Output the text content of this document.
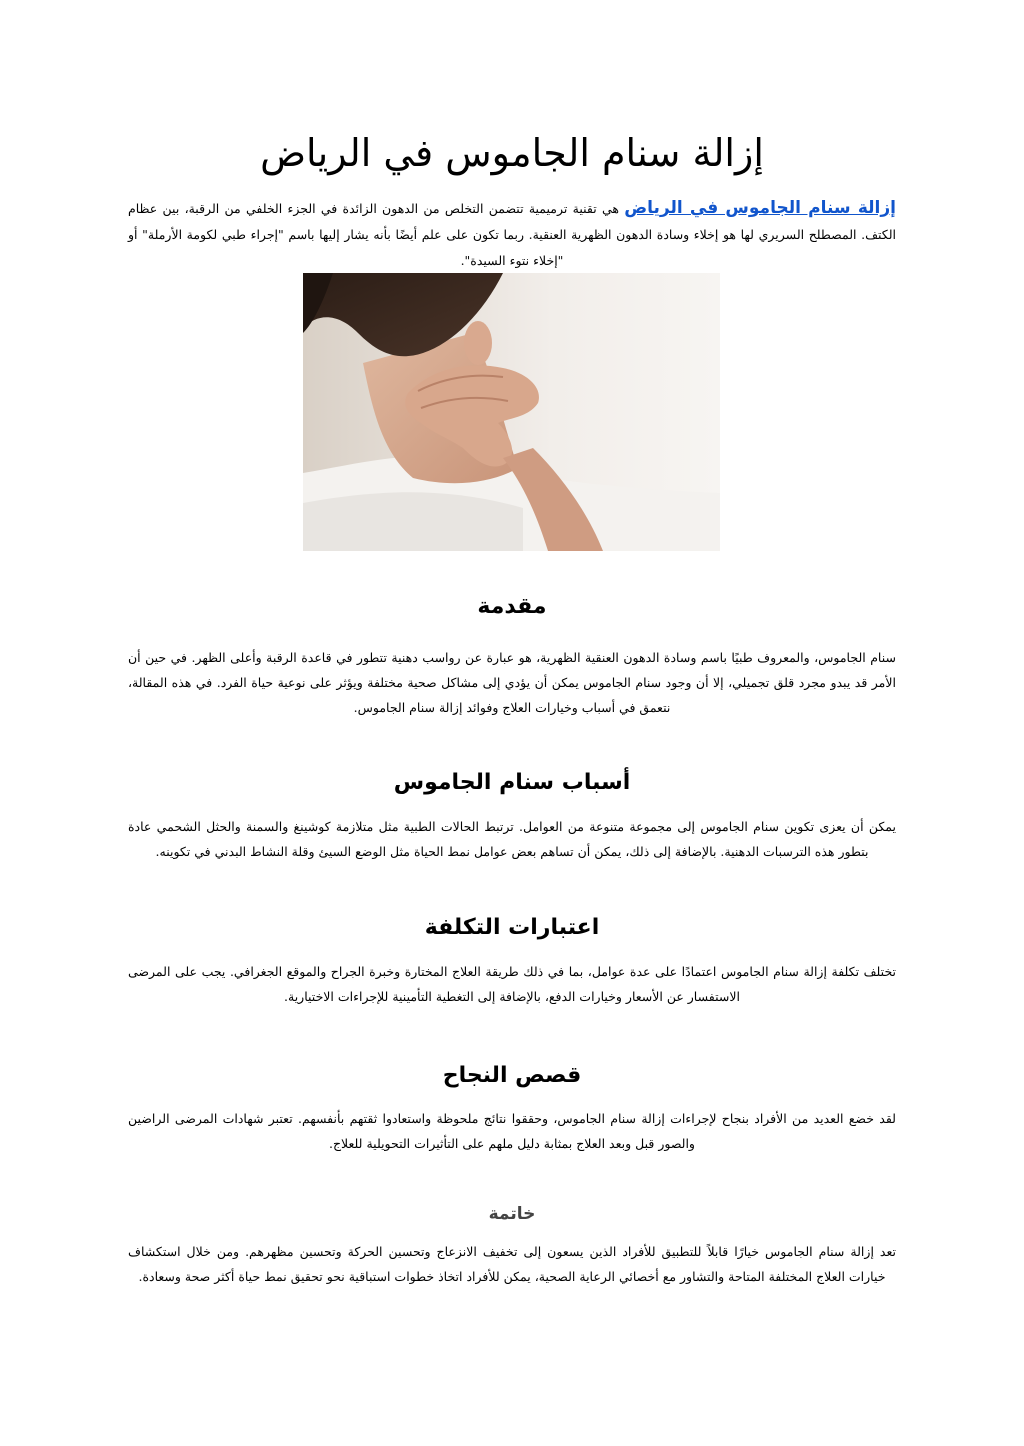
إزالة سنام الجاموس في الرياض

إزالة سنام الجاموس في الرياض هي تقنية ترميمية تتضمن التخلص من الدهون الزائدة في الجزء الخلفي من الرقبة، بين عظام الكتف. المصطلح السريري لها هو إخلاء وسادة الدهون الظهرية العنقية. ربما تكون على علم أيضًا بأنه يشار إليها باسم "إجراء طبي لكومة الأرملة" أو "إخلاء نتوء السيدة".

مقدمة

سنام الجاموس، والمعروف طبيًا باسم وسادة الدهون العنقية الظهرية، هو عبارة عن رواسب دهنية تتطور في قاعدة الرقبة وأعلى الظهر. في حين أن الأمر قد يبدو مجرد قلق تجميلي، إلا أن وجود سنام الجاموس يمكن أن يؤدي إلى مشاكل صحية مختلفة ويؤثر على نوعية حياة الفرد. في هذه المقالة، نتعمق في أسباب وخيارات العلاج وفوائد إزالة سنام الجاموس.

أسباب سنام الجاموس

يمكن أن يعزى تكوين سنام الجاموس إلى مجموعة متنوعة من العوامل. ترتبط الحالات الطبية مثل متلازمة كوشينغ والسمنة والحثل الشحمي عادة بتطور هذه الترسبات الدهنية. بالإضافة إلى ذلك، يمكن أن تساهم بعض عوامل نمط الحياة مثل الوضع السيئ وقلة النشاط البدني في تكوينه.

اعتبارات التكلفة

تختلف تكلفة إزالة سنام الجاموس اعتمادًا على عدة عوامل، بما في ذلك طريقة العلاج المختارة وخبرة الجراح والموقع الجغرافي. يجب على المرضى الاستفسار عن الأسعار وخيارات الدفع، بالإضافة إلى التغطية التأمينية للإجراءات الاختيارية.

قصص النجاح

لقد خضع العديد من الأفراد بنجاح لإجراءات إزالة سنام الجاموس، وحققوا نتائج ملحوظة واستعادوا ثقتهم بأنفسهم. تعتبر شهادات المرضى الراضين والصور قبل وبعد العلاج بمثابة دليل ملهم على التأثيرات التحويلية للعلاج.

خاتمة

تعد إزالة سنام الجاموس خيارًا قابلاً للتطبيق للأفراد الذين يسعون إلى تخفيف الانزعاج وتحسين الحركة وتحسين مظهرهم. ومن خلال استكشاف خيارات العلاج المختلفة المتاحة والتشاور مع أخصائي الرعاية الصحية، يمكن للأفراد اتخاذ خطوات استباقية نحو تحقيق نمط حياة أكثر صحة وسعادة.
